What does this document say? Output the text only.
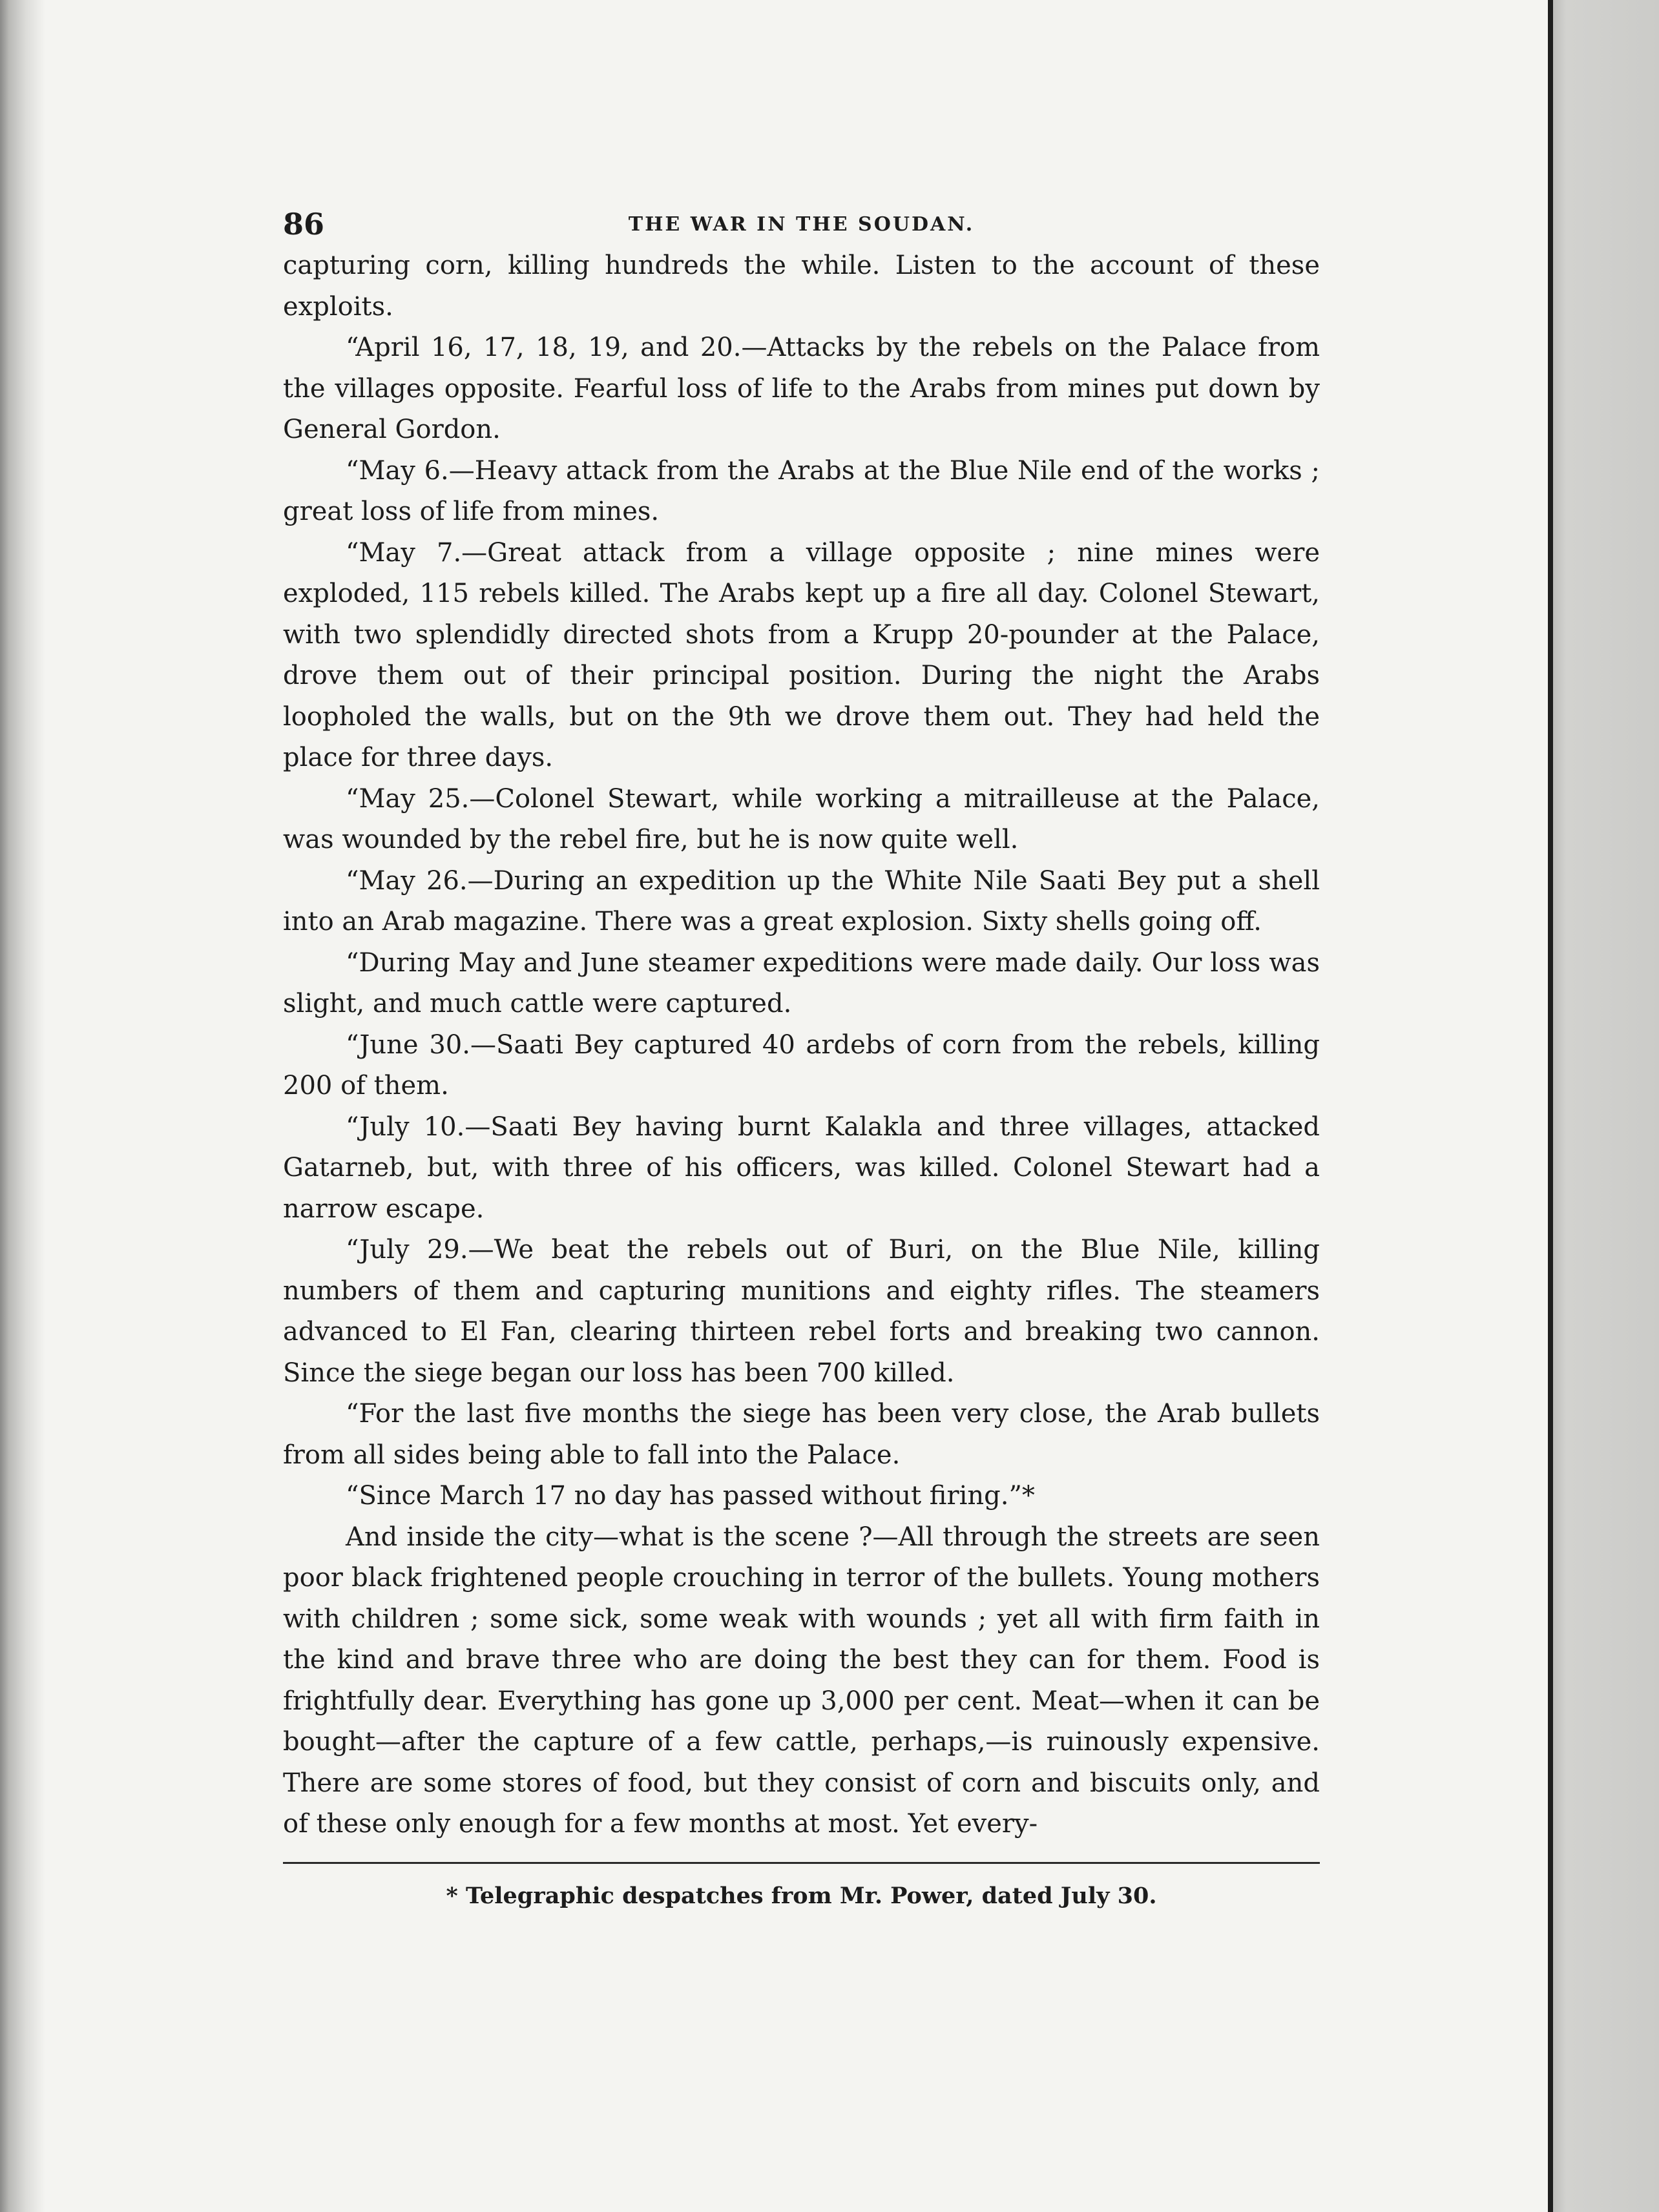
86	THE WAR IN THE SOUDAN.

capturing corn, killing hundreds the while. Listen to the account of these exploits.

“April 16, 17, 18, 19, and 20.—Attacks by the rebels on the Palace from the villages opposite. Fearful loss of life to the Arabs from mines put down by General Gordon.

“May 6.—Heavy attack from the Arabs at the Blue Nile end of the works ; great loss of life from mines.

“May 7.—Great attack from a village opposite ; nine mines were exploded, 115 rebels killed. The Arabs kept up a fire all day. Colonel Stewart, with two splendidly directed shots from a Krupp 20-pounder at the Palace, drove them out of their principal position. During the night the Arabs loopholed the walls, but on the 9th we drove them out. They had held the place for three days.

“May 25.—Colonel Stewart, while working a mitrailleuse at the Palace, was wounded by the rebel fire, but he is now quite well.

“May 26.—During an expedition up the White Nile Saati Bey put a shell into an Arab magazine. There was a great explosion. Sixty shells going off.

“During May and June steamer expeditions were made daily. Our loss was slight, and much cattle were captured.

“June 30.—Saati Bey captured 40 ardebs of corn from the rebels, killing 200 of them.

“July 10.—Saati Bey having burnt Kalakla and three villages, attacked Gatarneb, but, with three of his officers, was killed. Colonel Stewart had a narrow escape.

“July 29.—We beat the rebels out of Buri, on the Blue Nile, killing numbers of them and capturing munitions and eighty rifles. The steamers advanced to El Fan, clearing thirteen rebel forts and breaking two cannon. Since the siege began our loss has been 700 killed.

“For the last five months the siege has been very close, the Arab bullets from all sides being able to fall into the Palace.

“Since March 17 no day has passed without firing.”*

And inside the city—what is the scene ?—All through the streets are seen poor black frightened people crouching in terror of the bullets. Young mothers with children ; some sick, some weak with wounds ; yet all with firm faith in the kind and brave three who are doing the best they can for them. Food is frightfully dear. Everything has gone up 3,000 per cent. Meat—when it can be bought—after the capture of a few cattle, perhaps,—is ruinously expensive. There are some stores of food, but they consist of corn and biscuits only, and of these only enough for a few months at most. Yet every-

* Telegraphic despatches from Mr. Power, dated July 30.
